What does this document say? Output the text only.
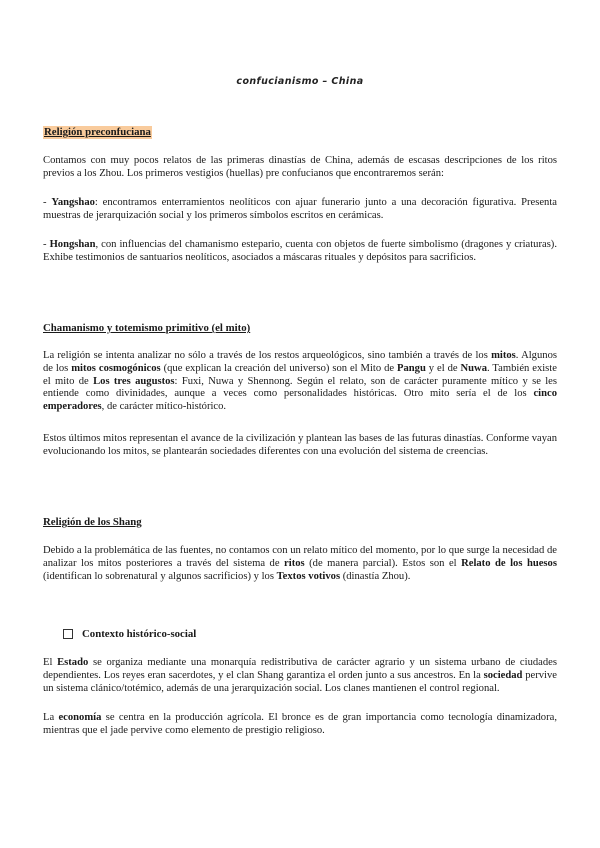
confucianismo – China
Religión preconfuciana

Contamos con muy pocos relatos de las primeras dinastías de China, además de escasas descripciones de los ritos previos a los Zhou. Los primeros vestigios (huellas) pre confucianos que encontraremos serán:

- Yangshao: encontramos enterramientos neolíticos con ajuar funerario junto a una decoración figurativa. Presenta muestras de jerarquización social y los primeros símbolos escritos en cerámicas.

- Hongshan, con influencias del chamanismo estepario, cuenta con objetos de fuerte simbolismo (dragones y criaturas). Exhibe testimonios de santuarios neolíticos, asociados a máscaras rituales y depósitos para sacrificios.

Chamanismo y totemismo primitivo (el mito)

La religión se intenta analizar no sólo a través de los restos arqueológicos, sino también a través de los mitos. Algunos de los mitos cosmogónicos (que explican la creación del universo) son el Mito de Pangu y el de Nuwa. También existe el mito de Los tres augustos: Fuxi, Nuwa y Shennong. Según el relato, son de carácter puramente mítico y se les entiende como divinidades, aunque a veces como personalidades históricas. Otro mito sería el de los cinco emperadores, de carácter mítico-histórico.

Estos últimos mitos representan el avance de la civilización y plantean las bases de las futuras dinastías. Conforme vayan evolucionando los mitos, se plantearán sociedades diferentes con una evolución del sistema de creencias.

Religión de los Shang

Debido a la problemática de las fuentes, no contamos con un relato mítico del momento, por lo que surge la necesidad de analizar los mitos posteriores a través del sistema de ritos (de manera parcial). Estos son el Relato de los huesos (identifican lo sobrenatural y algunos sacrificios) y los Textos votivos (dinastía Zhou).

Contexto histórico-social

El Estado se organiza mediante una monarquía redistributiva de carácter agrario y un sistema urbano de ciudades dependientes. Los reyes eran sacerdotes, y el clan Shang garantiza el orden junto a sus ancestros. En la sociedad pervive un sistema clánico/totémico, además de una jerarquización social. Los clanes mantienen el control regional.

La economía se centra en la producción agrícola. El bronce es de gran importancia como tecnología dinamizadora, mientras que el jade pervive como elemento de prestigio religioso.
